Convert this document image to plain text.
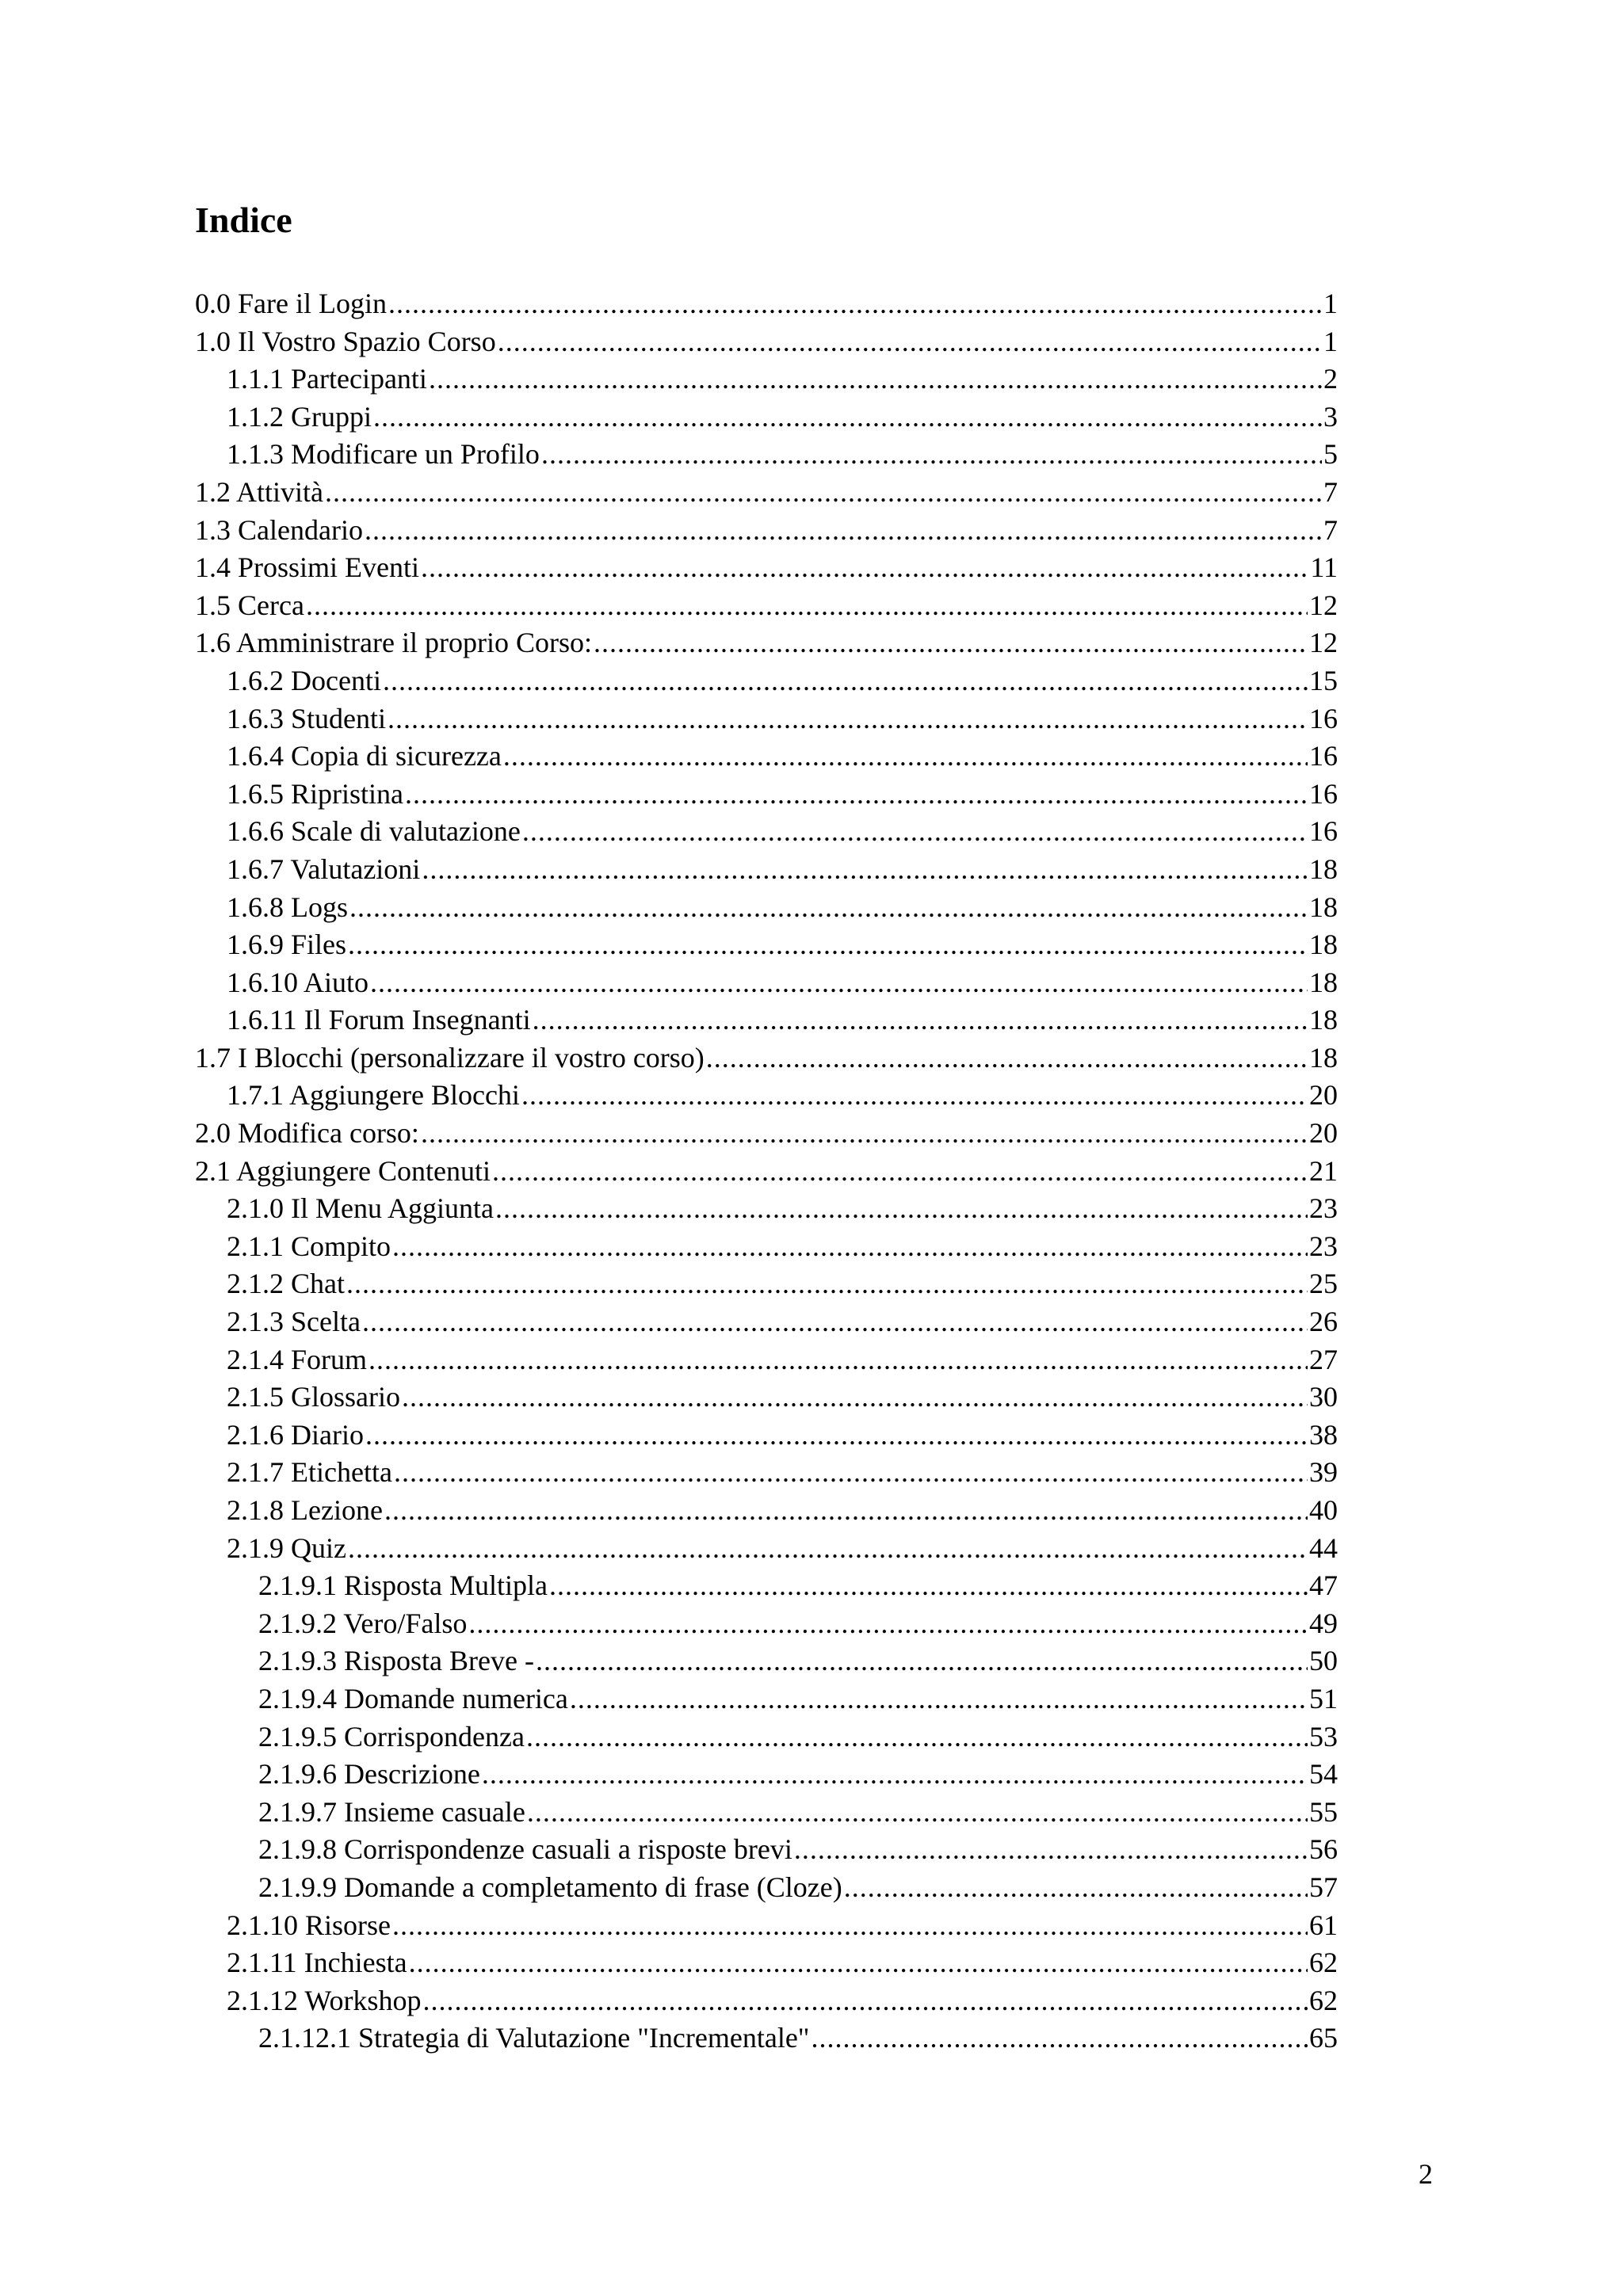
Indice
0.0 Fare il Login .....	1
1.0 Il Vostro Spazio Corso .....	1
1.1.1 Partecipanti .....	2
1.1.2 Gruppi .....	3
1.1.3 Modificare un Profilo .....	5
1.2 Attività .....	7
1.3 Calendario .....	7
1.4 Prossimi Eventi .....	11
1.5 Cerca .....	12
1.6 Amministrare il proprio Corso: .....	12
1.6.2 Docenti .....	15
1.6.3 Studenti .....	16
1.6.4 Copia di sicurezza .....	16
1.6.5 Ripristina .....	16
1.6.6 Scale di valutazione .....	16
1.6.7 Valutazioni .....	18
1.6.8 Logs .....	18
1.6.9 Files .....	18
1.6.10 Aiuto .....	18
1.6.11 Il Forum Insegnanti .....	18
1.7 I Blocchi (personalizzare il vostro corso) .....	18
1.7.1 Aggiungere Blocchi .....	20
2.0 Modifica corso: .....	20
2.1 Aggiungere Contenuti .....	21
2.1.0 Il Menu Aggiunta .....	23
2.1.1 Compito .....	23
2.1.2 Chat .....	25
2.1.3 Scelta .....	26
2.1.4 Forum .....	27
2.1.5 Glossario .....	30
2.1.6 Diario .....	38
2.1.7 Etichetta .....	39
2.1.8 Lezione .....	40
2.1.9 Quiz .....	44
2.1.9.1 Risposta Multipla .....	47
2.1.9.2 Vero/Falso .....	49
2.1.9.3 Risposta Breve - .....	50
2.1.9.4 Domande numerica .....	51
2.1.9.5 Corrispondenza .....	53
2.1.9.6 Descrizione .....	54
2.1.9.7 Insieme casuale .....	55
2.1.9.8 Corrispondenze casuali a risposte brevi .....	56
2.1.9.9 Domande a completamento di frase (Cloze) .....	57
2.1.10 Risorse .....	61
2.1.11 Inchiesta .....	62
2.1.12 Workshop .....	62
2.1.12.1 Strategia di Valutazione "Incrementale" .....	65
2
